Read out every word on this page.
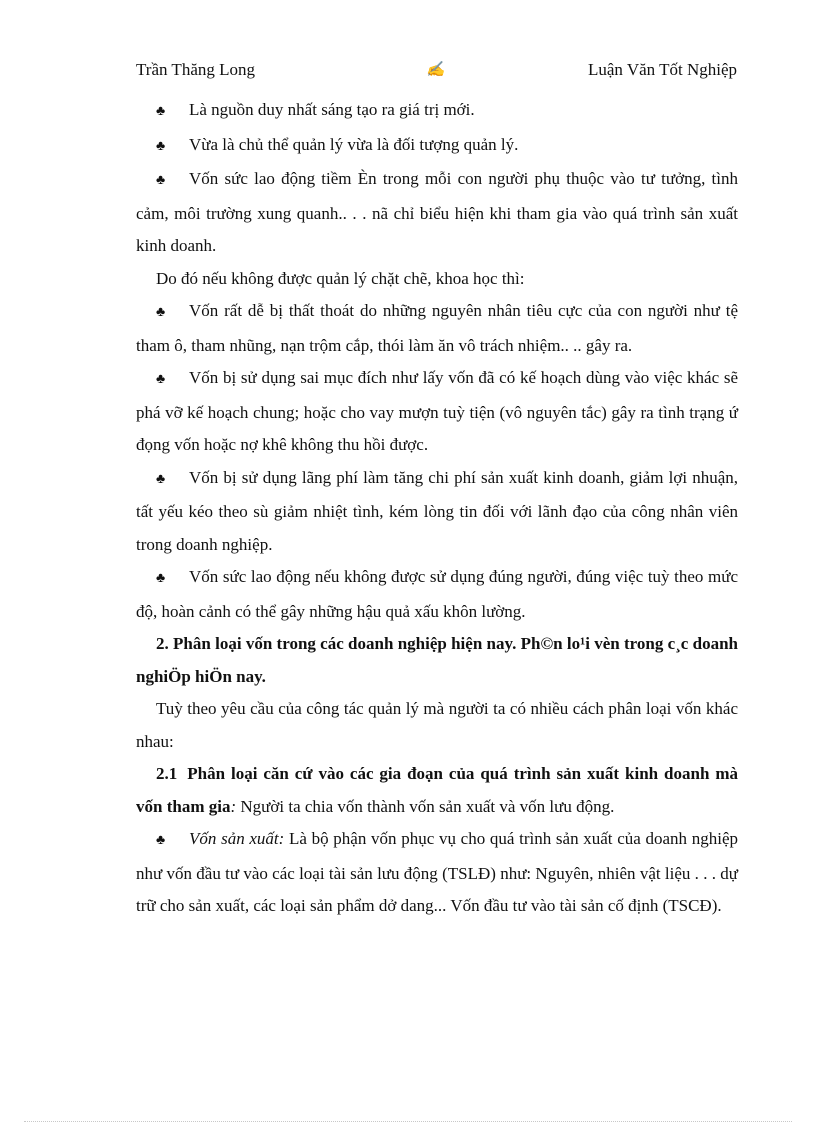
Trần Thăng Long	✍	Luận Văn Tốt Nghiệp

♣ Là nguồn duy nhất sáng tạo ra giá trị mới.

♣ Vừa là chủ thể quản lý vừa là đối tượng quản lý.

♣ Vốn sức lao động tiềm Èn trong mỗi con người phụ thuộc vào tư tưởng, tình cảm, môi trường xung quanh.. . . nã chỉ biểu hiện khi tham gia vào quá trình sản xuất kinh doanh.

Do đó nếu không được quản lý chặt chẽ, khoa học thì:

♣ Vốn rất dễ bị thất thoát do những nguyên nhân tiêu cực của con người như tệ tham ô, tham nhũng, nạn trộm cắp, thói làm ăn vô trách nhiệm.. .. gây ra.

♣ Vốn bị sử dụng sai mục đích như lấy vốn đã có kế hoạch dùng vào việc khác sẽ phá vỡ kế hoạch chung; hoặc cho vay mượn tuỳ tiện (vô nguyên tắc) gây ra tình trạng ứ đọng vốn hoặc nợ khê không thu hồi được.

♣ Vốn bị sử dụng lãng phí làm tăng chi phí sản xuất kinh doanh, giảm lợi nhuận, tất yếu kéo theo sù giảm nhiệt tình, kém lòng tin đối với lãnh đạo của công nhân viên trong doanh nghiệp.

♣ Vốn sức lao động nếu không được sử dụng đúng người, đúng việc tuỳ theo mức độ, hoàn cảnh có thể gây những hậu quả xấu khôn lường.

2. Phân loại vốn trong các doanh nghiệp hiện nay. Ph©n lo¹i vèn trong c¸c doanh nghiÖp hiÖn nay.

Tuỳ theo yêu cầu của công tác quản lý mà người ta có nhiều cách phân loại vốn khác nhau:

2.1 Phân loại căn cứ vào các gia đoạn của quá trình sản xuất kinh doanh mà vốn tham gia: Người ta chia vốn thành vốn sản xuất và vốn lưu động.

♣ Vốn sản xuất: Là bộ phận vốn phục vụ cho quá trình sản xuất của doanh nghiệp như vốn đầu tư vào các loại tài sản lưu động (TSLĐ) như: Nguyên, nhiên vật liệu . . . dự trữ cho sản xuất, các loại sản phẩm dở dang... Vốn đầu tư vào tài sản cố định (TSCĐ).
